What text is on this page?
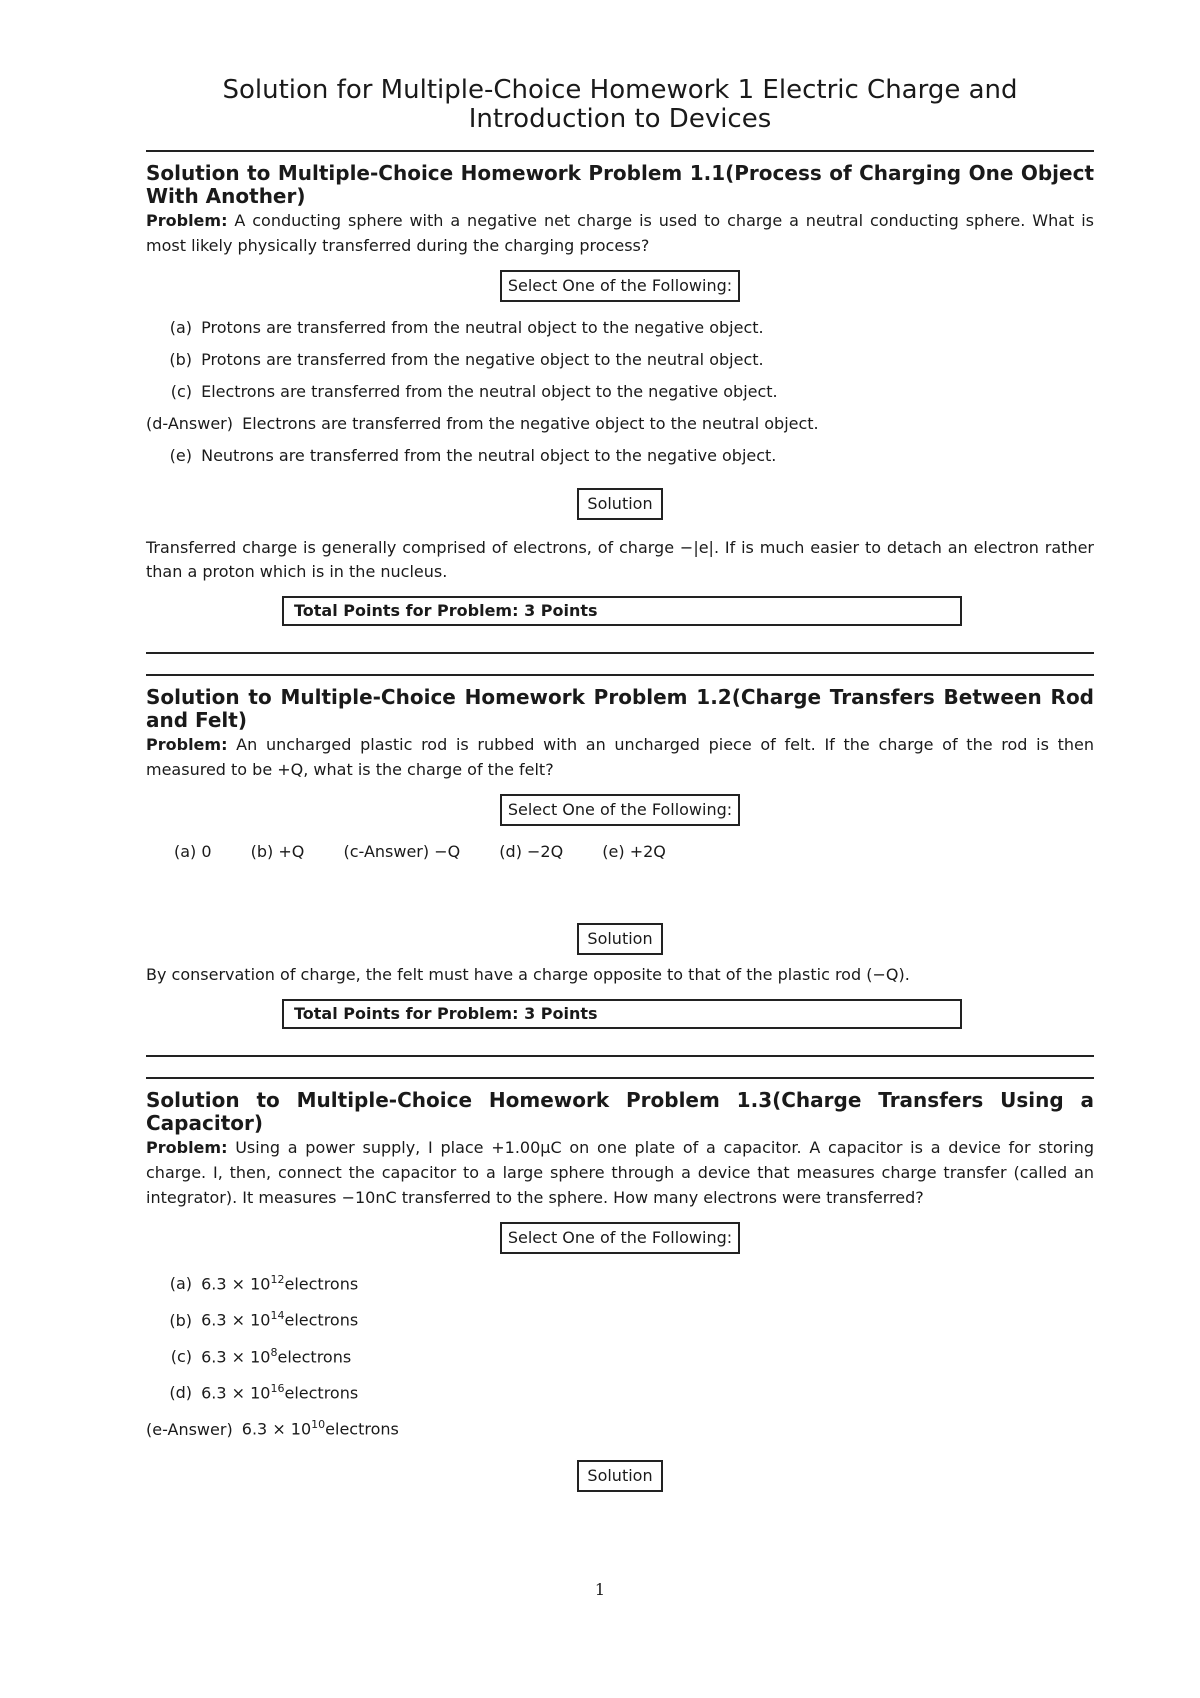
Solution for Multiple-Choice Homework 1 Electric Charge and Introduction to Devices
Solution to Multiple-Choice Homework Problem 1.1(Process of Charging One Object With Another)

Problem: A conducting sphere with a negative net charge is used to charge a neutral conducting sphere. What is most likely physically transferred during the charging process?

Select One of the Following:
(a) Protons are transferred from the neutral object to the negative object.
(b) Protons are transferred from the negative object to the neutral object.
(c) Electrons are transferred from the neutral object to the negative object.
(d-Answer) Electrons are transferred from the negative object to the neutral object.
(e) Neutrons are transferred from the neutral object to the negative object.
Solution

Transferred charge is generally comprised of electrons, of charge −|e|. If is much easier to detach an electron rather than a proton which is in the nucleus.

Total Points for Problem: 3 Points
Solution to Multiple-Choice Homework Problem 1.2(Charge Transfers Between Rod and Felt)

Problem: An uncharged plastic rod is rubbed with an uncharged piece of felt. If the charge of the rod is then measured to be +Q, what is the charge of the felt?

Select One of the Following:

(a) 0 (b) +Q (c-Answer) −Q (d) −2Q (e) +2Q

Solution

By conservation of charge, the felt must have a charge opposite to that of the plastic rod (−Q).

Total Points for Problem: 3 Points
Solution to Multiple-Choice Homework Problem 1.3(Charge Transfers Using a Capacitor)

Problem: Using a power supply, I place +1.00μC on one plate of a capacitor. A capacitor is a device for storing charge. I, then, connect the capacitor to a large sphere through a device that measures charge transfer (called an integrator). It measures −10nC transferred to the sphere. How many electrons were transferred?

Select One of the Following:
(a) $6.3 \times 10^{12}electrons$
(b) $6.3 \times 10^{14}electrons$
(c) $6.3 \times 10^8electrons$
(d) $6.3 \times 10^{16}electrons$
(e-Answer) $6.3 \times 10^{10}electrons$
Solution
1
